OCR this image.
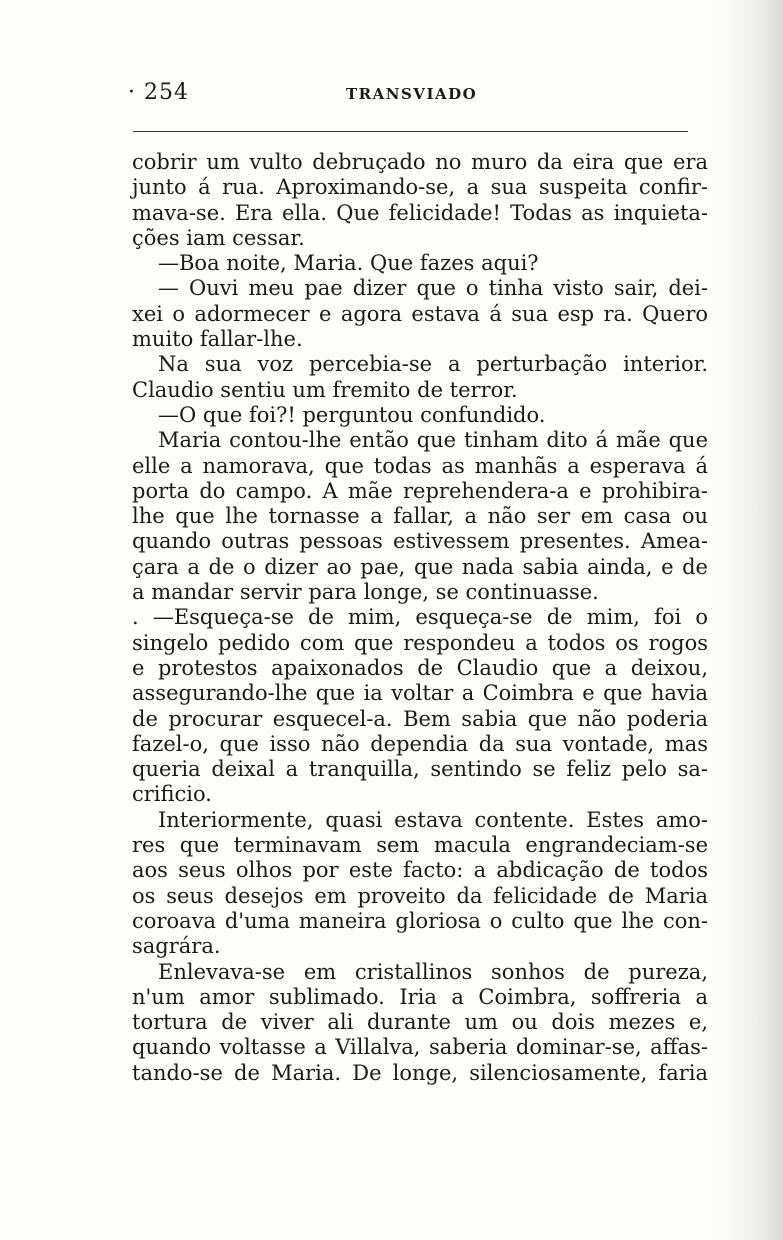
· 254	TRANSVIADO
cobrir um vulto debruçado no muro da eira que era
junto á rua. Aproximando-se, a sua suspeita confir-
mava-se. Era ella. Que felicidade! Todas as inquieta-
ções iam cessar.
—Boa noite, Maria. Que fazes aqui?
— Ouvi meu pae dizer que o tinha visto sair, dei-
xei o adormecer e agora estava á sua esp ra. Quero
muito fallar-lhe.
Na sua voz percebia-se a perturbação interior.
Claudio sentiu um fremito de terror.
—O que foi?! perguntou confundido.
Maria contou-lhe então que tinham dito á mãe que
elle a namorava, que todas as manhãs a esperava á
porta do campo. A mãe reprehendera-a e prohibira-
lhe que lhe tornasse a fallar, a não ser em casa ou
quando outras pessoas estivessem presentes. Amea-
çara a de o dizer ao pae, que nada sabia ainda, e de
a mandar servir para longe, se continuasse.
. —Esqueça-se de mim, esqueça-se de mim, foi o
singelo pedido com que respondeu a todos os rogos
e protestos apaixonados de Claudio que a deixou,
assegurando-lhe que ia voltar a Coimbra e que havia
de procurar esquecel-a. Bem sabia que não poderia
fazel-o, que isso não dependia da sua vontade, mas
queria deixal a tranquilla, sentindo se feliz pelo sa-
crificio.
Interiormente, quasi estava contente. Estes amo-
res que terminavam sem macula engrandeciam-se
aos seus olhos por este facto: a abdicação de todos
os seus desejos em proveito da felicidade de Maria
coroava d'uma maneira gloriosa o culto que lhe con-
sagrára.
Enlevava-se em cristallinos sonhos de pureza,
n'um amor sublimado. Iria a Coimbra, soffreria a
tortura de viver ali durante um ou dois mezes e,
quando voltasse a Villalva, saberia dominar-se, affas-
tando-se de Maria. De longe, silenciosamente, faria
